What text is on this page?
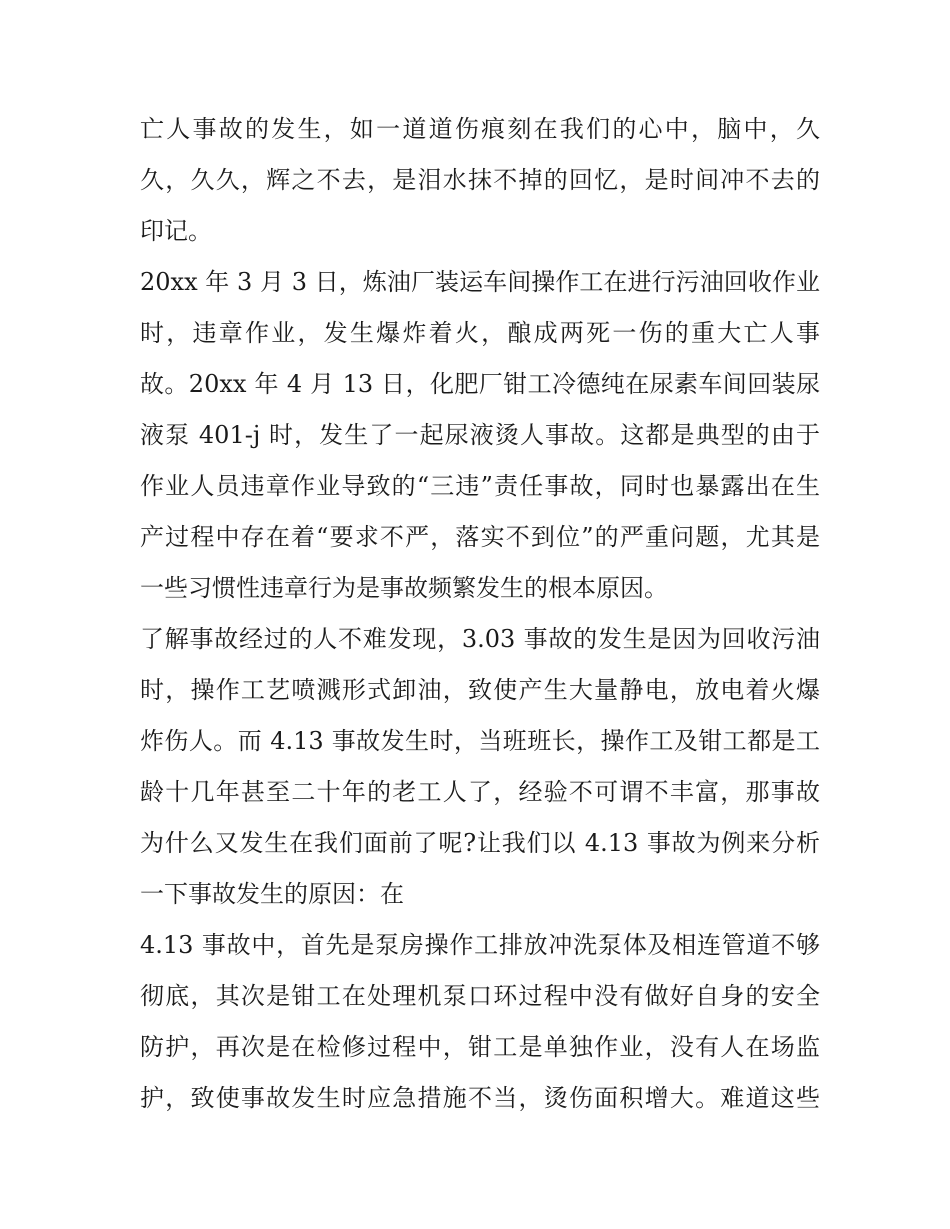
亡人事故的发生，如一道道伤痕刻在我们的心中，脑中，久
久，久久，辉之不去，是泪水抹不掉的回忆，是时间冲不去的
印记。
20xx 年 3 月 3 日，炼油厂装运车间操作工在进行污油回收作业
时，违章作业，发生爆炸着火，酿成两死一伤的重大亡人事
故。20xx 年 4 月 13 日，化肥厂钳工冷德纯在尿素车间回装尿
液泵 401-j 时，发生了一起尿液烫人事故。这都是典型的由于
作业人员违章作业导致的“三违”责任事故，同时也暴露出在生
产过程中存在着“要求不严，落实不到位”的严重问题，尤其是
一些习惯性违章行为是事故频繁发生的根本原因。
了解事故经过的人不难发现，3.03 事故的发生是因为回收污油
时，操作工艺喷溅形式卸油，致使产生大量静电，放电着火爆
炸伤人。而 4.13 事故发生时，当班班长，操作工及钳工都是工
龄十几年甚至二十年的老工人了，经验不可谓不丰富，那事故
为什么又发生在我们面前了呢?让我们以 4.13 事故为例来分析
一下事故发生的原因：在
4.13 事故中，首先是泵房操作工排放冲洗泵体及相连管道不够
彻底，其次是钳工在处理机泵口环过程中没有做好自身的安全
防护，再次是在检修过程中，钳工是单独作业，没有人在场监
护，致使事故发生时应急措施不当，烫伤面积增大。难道这些
